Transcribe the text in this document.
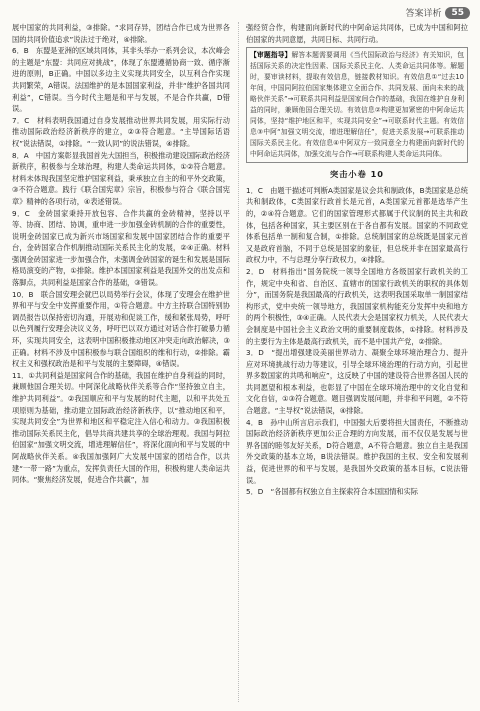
答案详析	55

展中国家的共同利益，③排除。“求同存异，团结合作已成为世界各国的共同价值追求”说法过于绝对，④排除。

6．B　东盟是亚洲的区域共同体，其非头举办一系列会议，本次峰会的主题是“东盟：共同应对挑战”，体现了东盟遵循协商一致、循序渐进的原则，B正确。中国以多边主义实现共同安全，以互利合作实现共同繁荣，A错误。法国维护的是本国国家利益，并非“维护各国共同利益”，C错误。当今时代主题是和平与发展，不是合作共赢，D错误。

7．C　材料表明我国通过自身发展推动世界共同发展，用实际行动推动国际政治经济新秩序的建立，②③符合题意。“主导国际话语权”说法错误，①排除。“一致认同”的说法错误，④排除。

8．A　中国方案彰显我国首先大国担当，积极推动建设国际政治经济新秩序，积极参与全球治理，构建人类命运共同体，①②符合题意。材料未体现我国坚定维护国家利益，秉承独立自主的和平外交政策，③不符合题意。践行《联合国宪章》宗旨，积极参与符合《联合国宪章》精神的各项行动，④表述错误。

9．C　金砖国家秉持开放包容、合作共赢的金砖精神，坚持以平等、协商、团结、协调，重申进一步加强金砖机制的合作的重要性，说明金砖国家已成为新兴市场国家和发展中国家团结合作的重要平台，金砖国家合作机制推动国际关系民主化的发展，②④正确。材料强调金砖国家进一步加强合作，未强调金砖国家的诞生和发展是国际格局演变的产物，①排除。维护本国国家利益是我国外交的出发点和落脚点，共同利益是国家合作的基础，③错误。

10．B　联合国安理会就巴以局势举行会议，体现了安理会在维护世界和平与安全中发挥重要作用，①符合题意。中方主持联合国特别协调员报告以保持密切沟通，开展劝和促谈工作，缓和紧张局势，呼吁以色列履行安理会决议义务，呼吁巴以双方通过对话合作打破暴力循环，实现共同安全，这表明中国积极推动地区冲突走向政治解决，③正确。材料不涉及中国积极参与联合国组织的维和行动，②排除。霸权主义和强权政治是和平与发展的主要障碍，④错误。

11．①共同利益是国家间合作的基础，我国在维护自身利益的同时，兼顾他国合理关切。中阿深化战略伙伴关系等合作“坚持独立自主，维护共同利益”。②我国顺应和平与发展的时代主题，以和平共处五项原则为基础，推动建立国际政治经济新秩序，以“推动地区和平，实现共同安全”为世界和地区和平稳定注入信心和动力。③我国积极推动国际关系民主化，倡导共商共建共享的全球治理观。我国与阿拉伯国家“加强文明交流，增进理解信任”，将深化面向和平与发展的中阿战略伙伴关系。④我国加强阿广大发展中国家的团结合作，以共建“一带一路”为重点，发挥负责任大国的作用，积极构建人类命运共同体。“聚焦经济发展，促进合作共赢”，加

强经贸合作，构建面向新时代的中阿命运共同体，已成为中国和阿拉伯国家的共同意愿，共同日标、共同行动。

【审题指导】解答本题需要调用《当代国际政治与经济》有关知识，包括国际关系的决定性因素、国际关系民主化、人类命运共同体等。解题时，要审读材料，提取有效信息，链接教材知识。有效信息①“过去10年间，中国同阿拉伯国家集体建立全面合作、共同发展、面向未来的战略伙伴关系”→可联系共同利益是国家间合作的基础，我国在维护自身利益的同时，兼顾他国合理关切。有效信息②构建更加紧密的中阿命运共同体，坚持“维护地区和平，实现共同安全”→可联系时代主题。有效信息③中阿“加强文明交流，增进理解信任”，促进关系发展→可联系推动国际关系民主化。有效信息④中阿双方一致同意全力构建面向新时代的中阿命运共同体，加强交流与合作→可联系构建人类命运共同体。
突击小卷 10

1．C　由题干描述可判断A类国家是议会共和制政体，B类国家是总统共和制政体，C类国家行政首长是元首，A类国家元首都是选举产生的，②④符合题意。它们的国家管理形式都属于代议制的民主共和政体，包括各种国家，其主要区别在于各自都有发展。国家的不同政党体系包括单一制和复合制，①排除。总统制国家的总统既是国家元首又是政府首脑，不同于总统是国家的象征，但总统并非在国家最高行政权力中，不与总理分享行政权力，④排除。

2．D　材料指出“国务院统一领导全国地方各级国家行政机关的工作，规定中央和省、自治区、直辖市的国家行政机关的职权的具体划分”，而国务院是我国最高的行政机关，这表明我国采取单一制国家结构形式，党中央统一领导地方，我国国家机构能充分发挥中央和地方的两个积极性，③④正确。人民代表大会是国家权力机关，人民代表大会制度是中国社会主义政治文明的重要制度载体，①排除。材料涉及的主要行为主体是最高行政机关，而不是中国共产党，②排除。

3．D　“提出增强建设美丽世界动力、凝聚全球环境治理合力、提升应对环境挑战行动力等建议，引导全球环境治理的行动方向，引起世界多数国家的共鸣和响应”，这反映了中国的建设符合世界各国人民的共同愿望和根本利益，也彰显了中国在全球环境治理中的文化自觉和文化自信，①③符合题意。题目强调发展问题，并非和平问题，②不符合题意。“主导权”说法错误，④排除。

4．B　孙中山所言启示我们，中国强大后要将担大国责任，不断推动国际政治经济新秩序更加公正合理的方向发展，而不仅仅是发展与世界各国的睦邻友好关系，D符合题意，A不符合题意。独立自主是我国外交政策的基本立场，B说法错误。维护我国的主权、安全和发展利益，促进世界的和平与发展，是我国外交政策的基本目标，C说法错误。

5．D　“各国都有权独立自主探索符合本国国情和实际
